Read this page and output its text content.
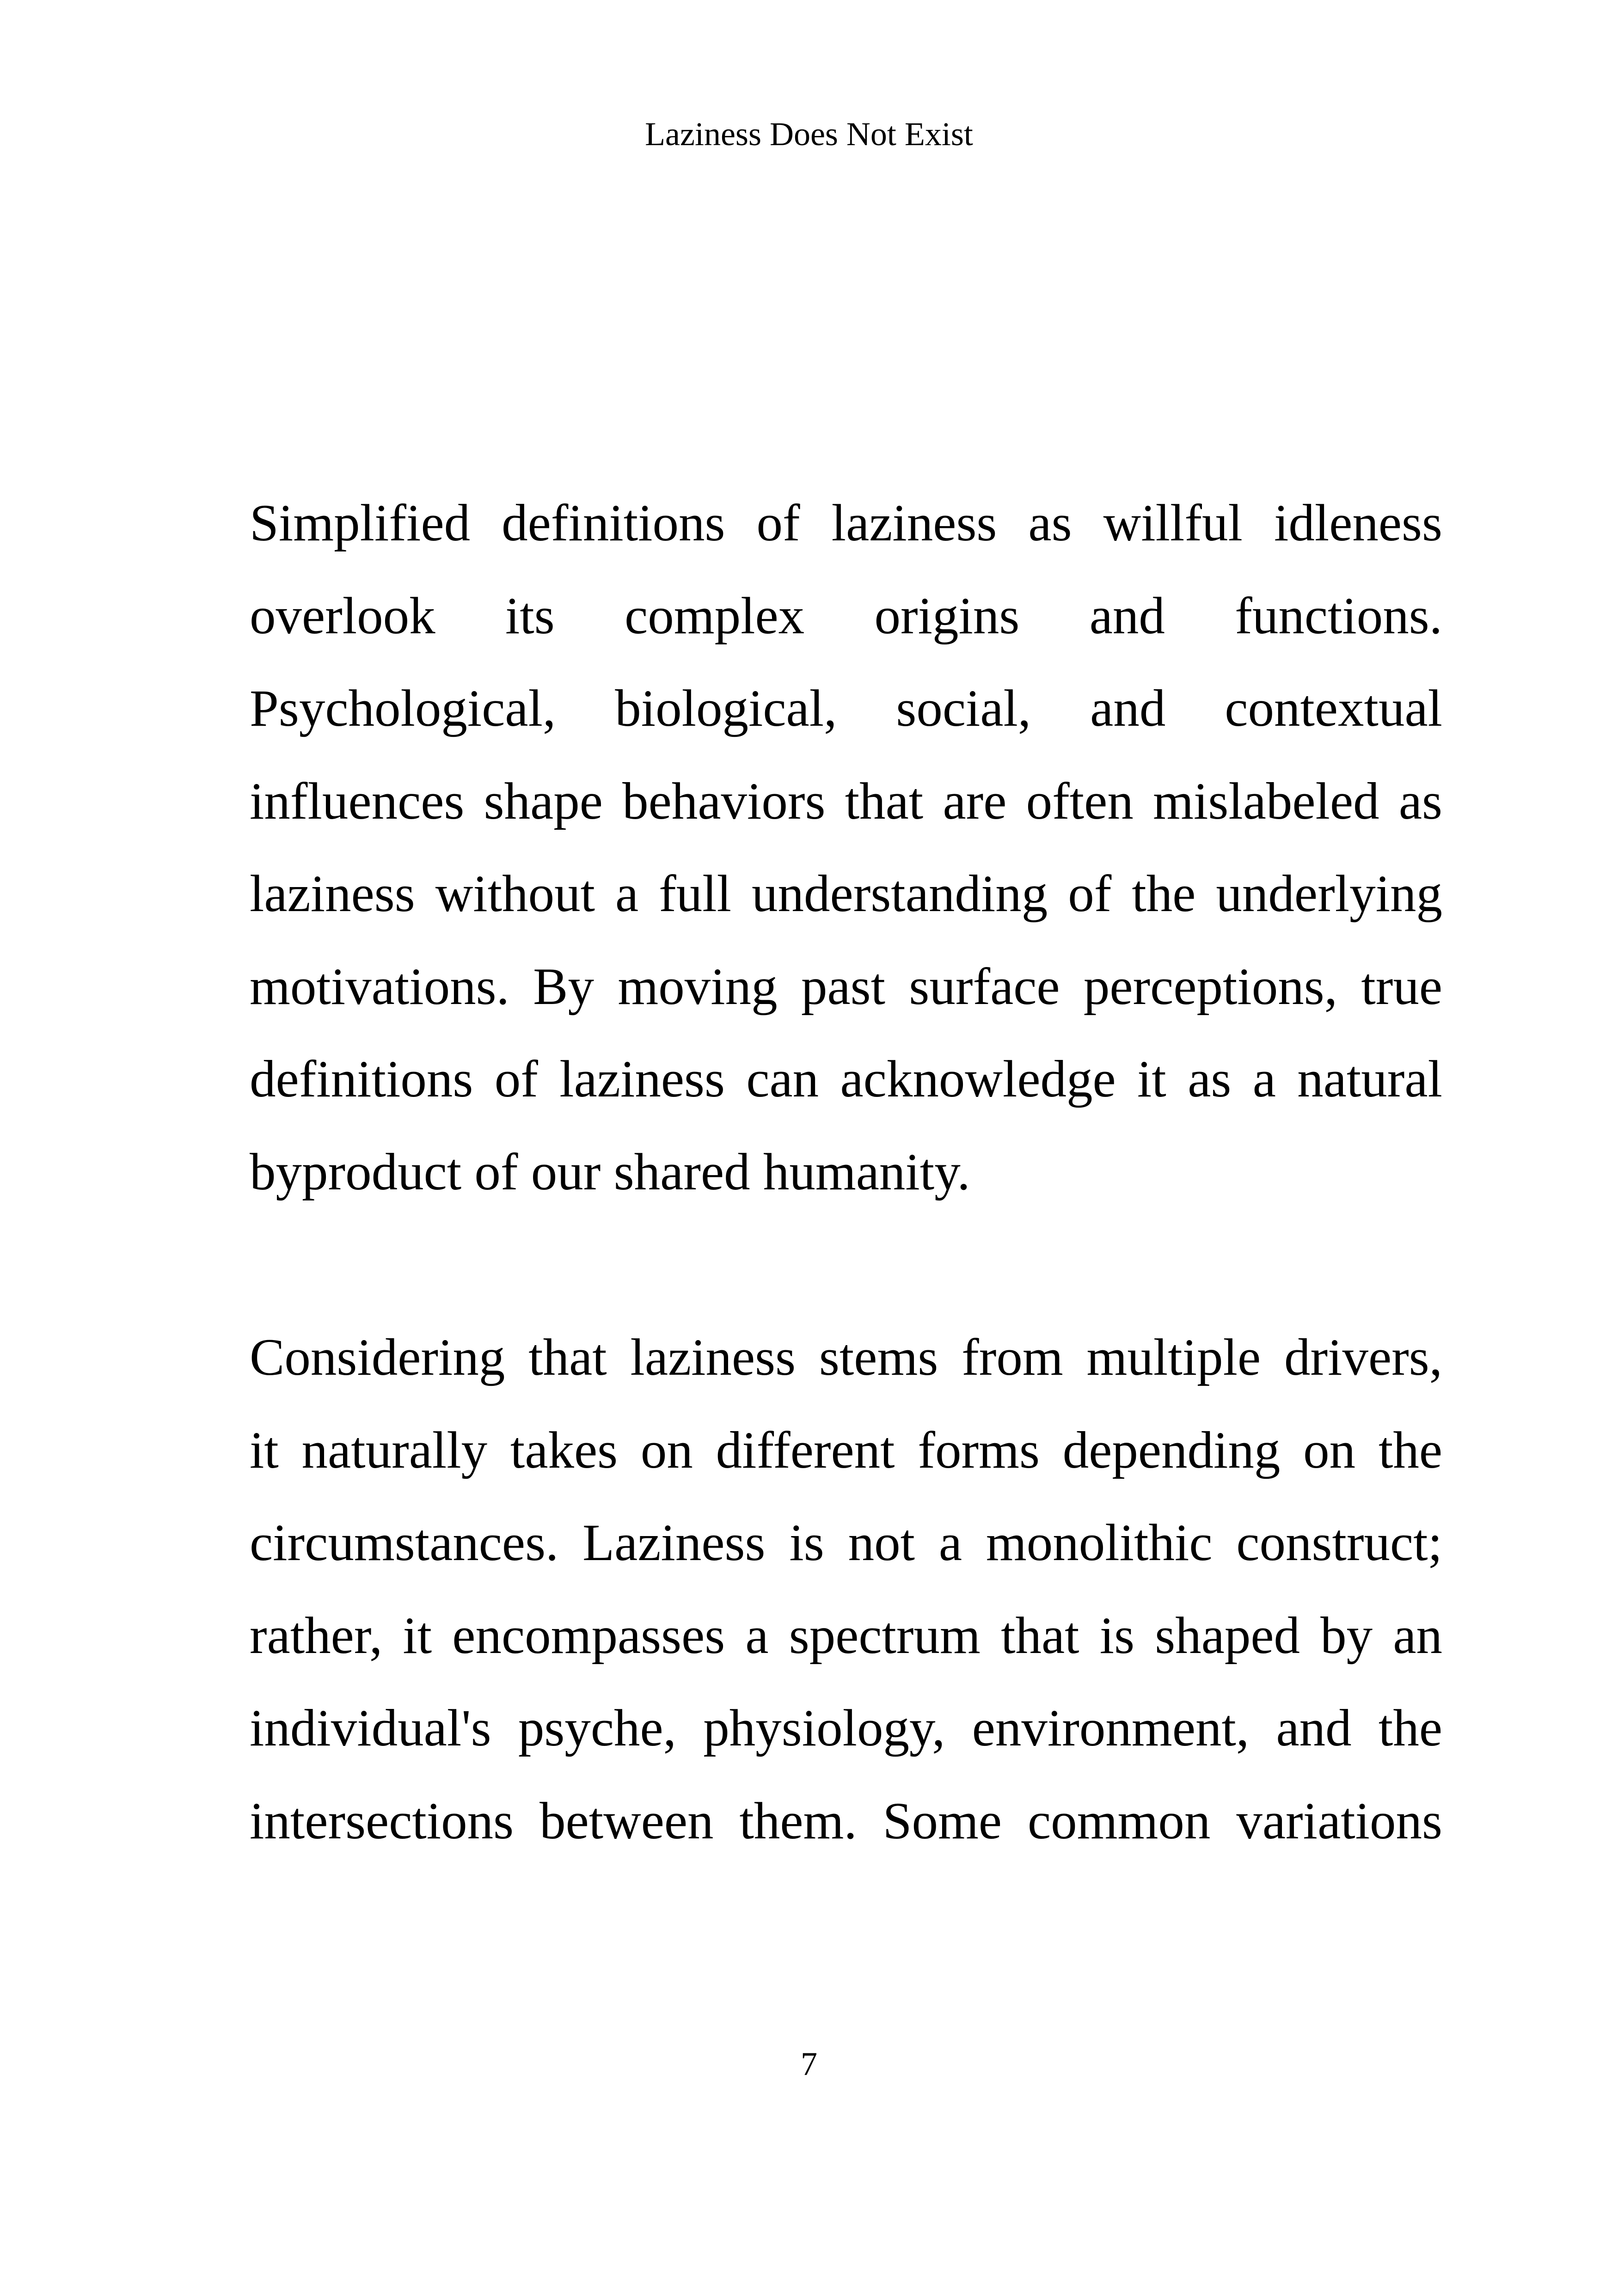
Laziness Does Not Exist
Simplified definitions of laziness as willful idleness
overlook its complex origins and functions.
Psychological, biological, social, and contextual
influences shape behaviors that are often mislabeled as
laziness without a full understanding of the underlying
motivations. By moving past surface perceptions, true
definitions of laziness can acknowledge it as a natural
byproduct of our shared humanity.
Considering that laziness stems from multiple drivers,
it naturally takes on different forms depending on the
circumstances. Laziness is not a monolithic construct;
rather, it encompasses a spectrum that is shaped by an
individual's psyche, physiology, environment, and the
intersections between them. Some common variations
7
